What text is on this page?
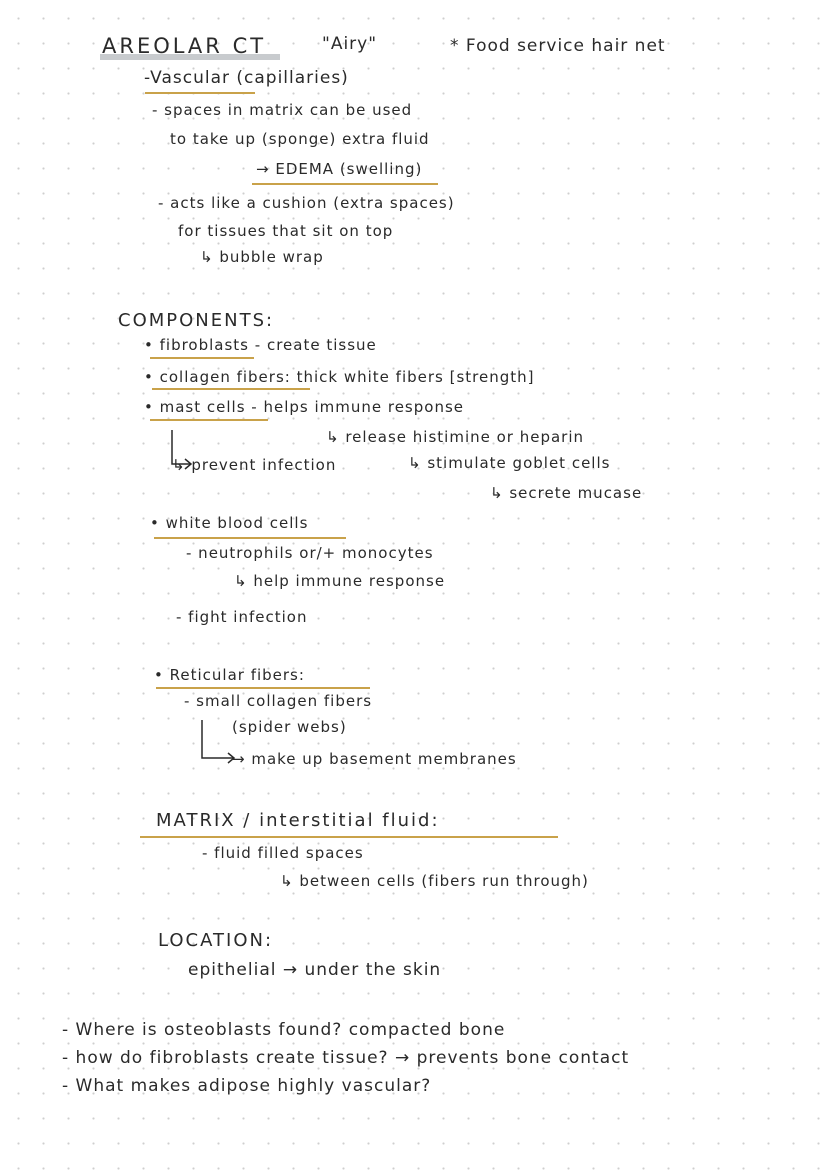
AREOLAR CT	"Airy"	* Food service hair net
-Vascular (capillaries)
- spaces in matrix can be used
to take up (sponge) extra fluid
→ EDEMA (swelling)
- acts like a cushion (extra spaces)
for tissues that sit on top
↳ bubble wrap
COMPONENTS:
• fibroblasts - create tissue
• collagen fibers: thick white fibers [strength]
• mast cells - helps immune response
↳ release histimine or heparin
↳ prevent infection	↳ stimulate goblet cells
↳ secrete mucase
• white blood cells
- neutrophils or/+ monocytes
↳ help immune response
- fight infection
• Reticular fibers:
- small collagen fibers
(spider webs)
→ make up basement membranes
MATRIX / interstitial fluid:
- fluid filled spaces
↳ between cells (fibers run through)
LOCATION:
epithelial → under the skin
- Where is osteoblasts found? compacted bone
- how do fibroblasts create tissue? → prevents bone contact
- What makes adipose highly vascular?
